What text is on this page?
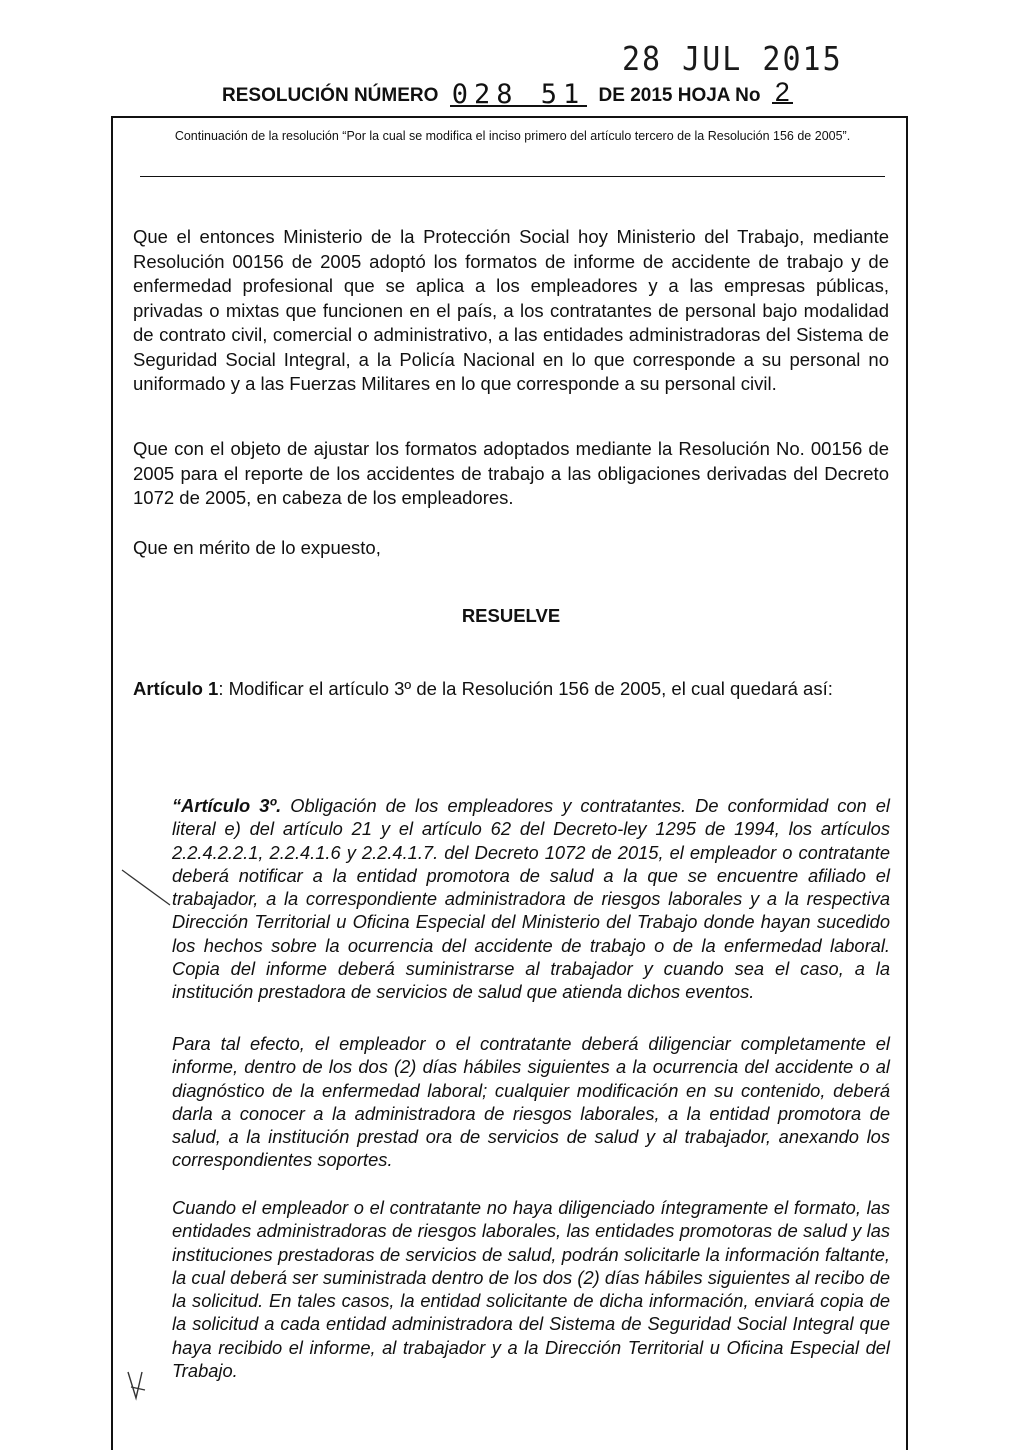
28 JUL 2015
RESOLUCIÓN NÚMERO 028 51 DE 2015 HOJA No 2
Continuación de la resolución “Por la cual se modifica el inciso primero del artículo tercero de la Resolución 156 de 2005”.

Que el entonces Ministerio de la Protección Social hoy Ministerio del Trabajo, mediante Resolución 00156 de 2005 adoptó los formatos de informe de accidente de trabajo y de enfermedad profesional que se aplica a los empleadores y a las empresas públicas, privadas o mixtas que funcionen en el país, a los contratantes de personal bajo modalidad de contrato civil, comercial o administrativo, a las entidades administradoras del Sistema de Seguridad Social Integral, a la Policía Nacional en lo que corresponde a su personal no uniformado y a las Fuerzas Militares en lo que corresponde a su personal civil.

Que con el objeto de ajustar los formatos adoptados mediante la Resolución No. 00156 de 2005 para el reporte de los accidentes de trabajo a las obligaciones derivadas del Decreto 1072 de 2005, en cabeza de los empleadores.

Que en mérito de lo expuesto,

RESUELVE

Artículo 1: Modificar el artículo 3º de la Resolución 156 de 2005, el cual quedará así:

“Artículo 3º. Obligación de los empleadores y contratantes. De conformidad con el literal e) del artículo 21 y el artículo 62 del Decreto-ley 1295 de 1994, los artículos 2.2.4.2.2.1, 2.2.4.1.6 y 2.2.4.1.7. del Decreto 1072 de 2015, el empleador o contratante deberá notificar a la entidad promotora de salud a la que se encuentre afiliado el trabajador, a la correspondiente administradora de riesgos laborales y a la respectiva Dirección Territorial u Oficina Especial del Ministerio del Trabajo donde hayan sucedido los hechos sobre la ocurrencia del accidente de trabajo o de la enfermedad laboral. Copia del informe deberá suministrarse al trabajador y cuando sea el caso, a la institución prestadora de servicios de salud que atienda dichos eventos.

Para tal efecto, el empleador o el contratante deberá diligenciar completamente el informe, dentro de los dos (2) días hábiles siguientes a la ocurrencia del accidente o al diagnóstico de la enfermedad laboral; cualquier modificación en su contenido, deberá darla a conocer a la administradora de riesgos laborales, a la entidad promotora de salud, a la institución prestad ora de servicios de salud y al trabajador, anexando los correspondientes soportes.

Cuando el empleador o el contratante no haya diligenciado íntegramente el formato, las entidades administradoras de riesgos laborales, las entidades promotoras de salud y las instituciones prestadoras de servicios de salud, podrán solicitarle la información faltante, la cual deberá ser suministrada dentro de los dos (2) días hábiles siguientes al recibo de la solicitud. En tales casos, la entidad solicitante de dicha información, enviará copia de la solicitud a cada entidad administradora del Sistema de Seguridad Social Integral que haya recibido el informe, al trabajador y a la Dirección Territorial u Oficina Especial del Trabajo.
